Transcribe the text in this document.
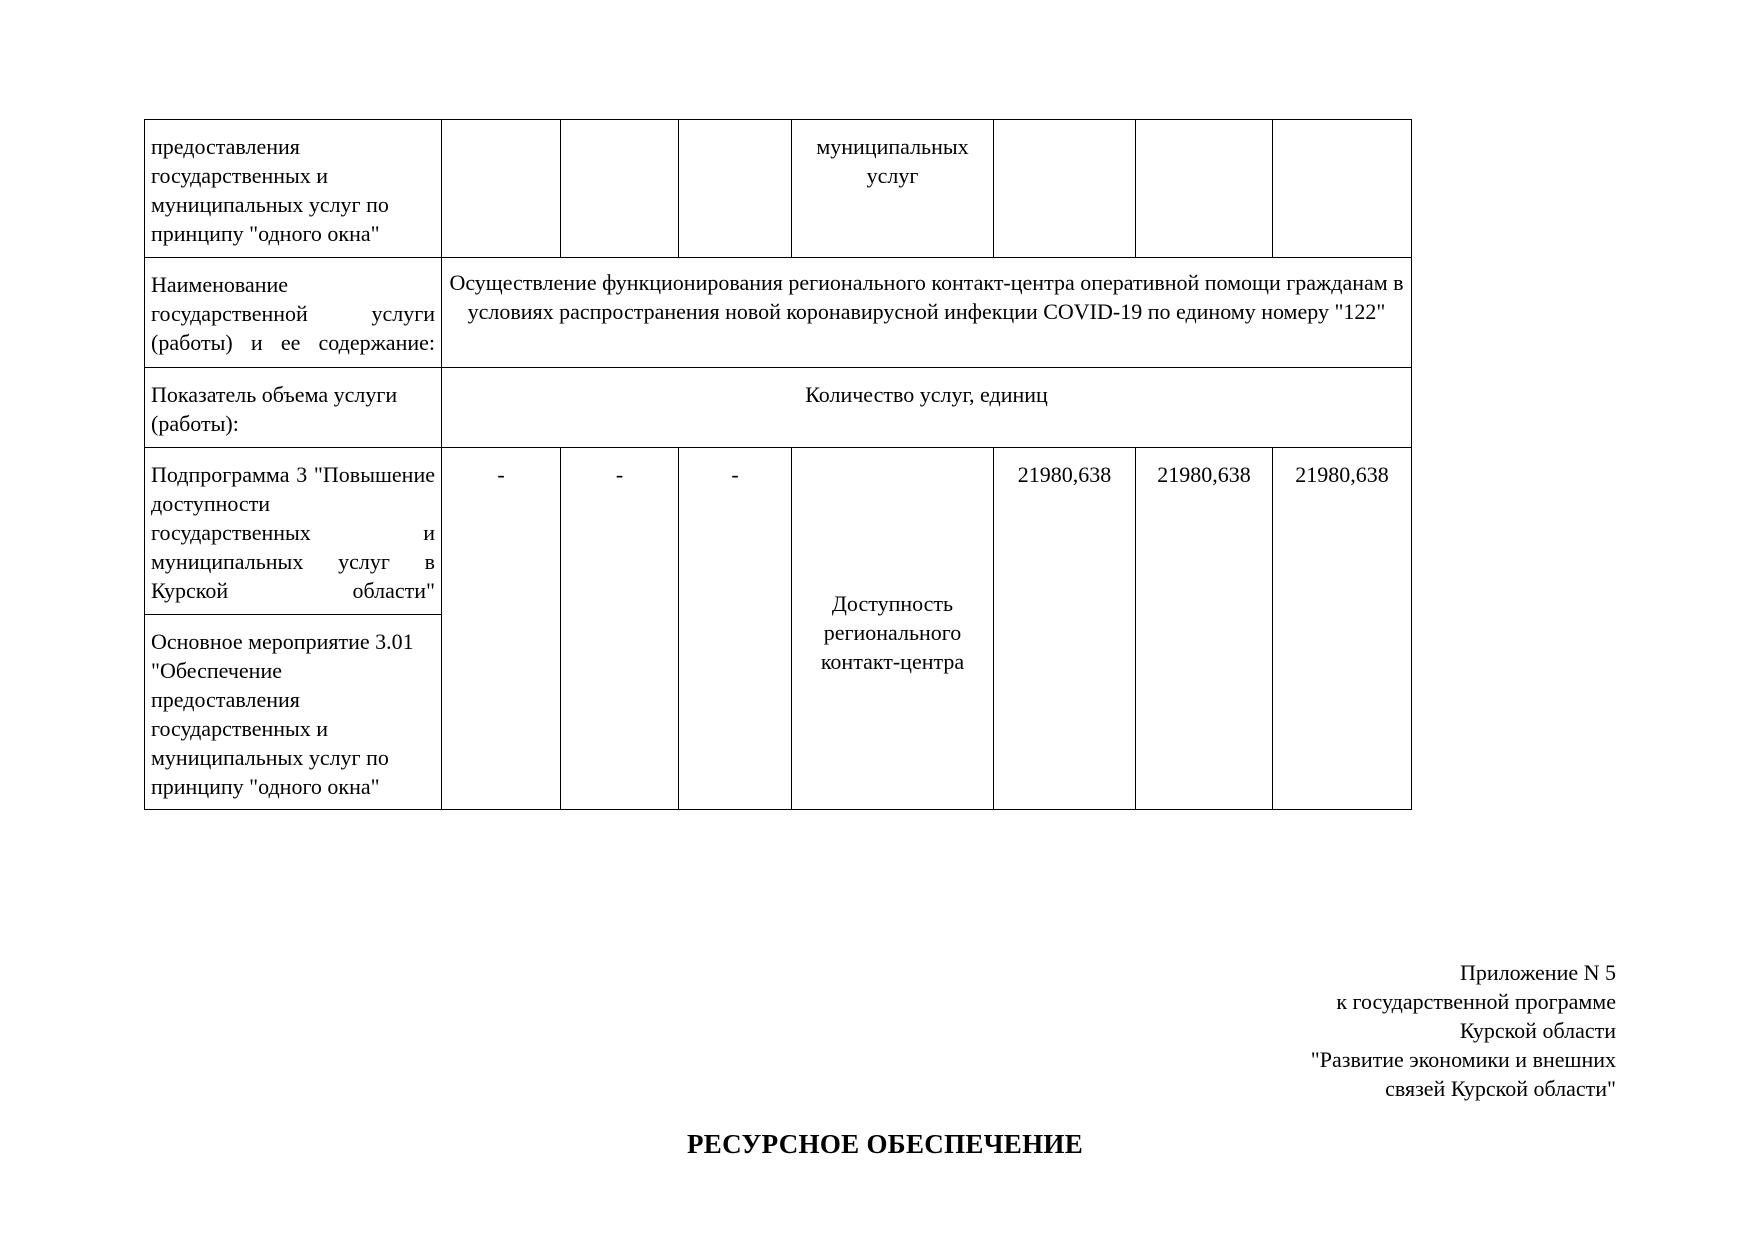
предоставления государственных и муниципальных услуг по принципу "одного окна"				муниципальных услуг			
Наименование государственной услуги (работы) и ее содержание:	Осуществление функционирования регионального контакт-центра оперативной помощи гражданам в условиях распространения новой коронавирусной инфекции COVID-19 по единому номеру "122"						
Показатель объема услуги (работы):	Количество услуг, единиц						
Подпрограмма 3 "Повышение доступности государственных и муниципальных услуг в Курской области"	-	-	-	Доступность регионального контакт-центра	21980,638	21980,638	21980,638
Основное мероприятие 3.01 "Обеспечение предоставления государственных и муниципальных услуг по принципу "одного окна"							
Приложение N 5
к государственной программе
Курской области
"Развитие экономики и внешних
связей Курской области"
РЕСУРСНОЕ ОБЕСПЕЧЕНИЕ
